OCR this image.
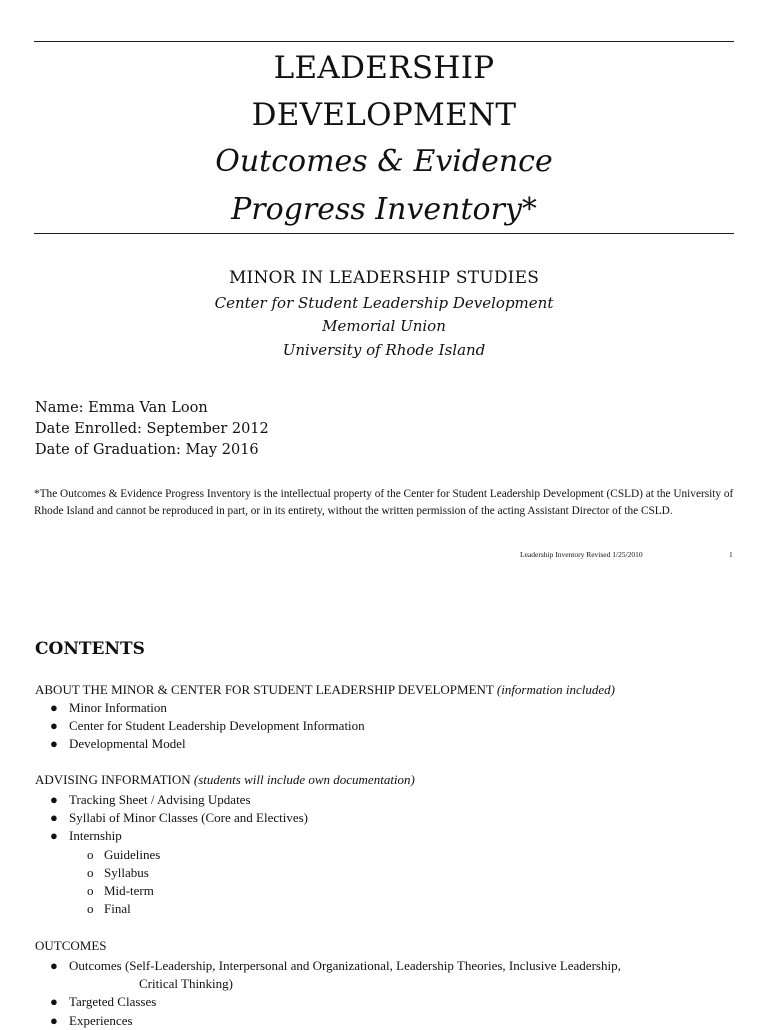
LEADERSHIP
DEVELOPMENT
Outcomes & Evidence
Progress Inventory*
MINOR IN LEADERSHIP STUDIES
Center for Student Leadership Development
Memorial Union
University of Rhode Island
Name: Emma Van Loon
Date Enrolled: September 2012
Date of Graduation: May 2016
*The Outcomes & Evidence Progress Inventory is the intellectual property of the Center for Student Leadership Development (CSLD) at the University of Rhode Island and cannot be reproduced in part, or in its entirety, without the written permission of the acting Assistant Director of the CSLD.
Leadership Inventory Revised 1/25/2010	1
CONTENTS
ABOUT THE MINOR & CENTER FOR STUDENT LEADERSHIP DEVELOPMENT (information included)
● Minor Information
● Center for Student Leadership Development Information
● Developmental Model
ADVISING INFORMATION (students will include own documentation)
● Tracking Sheet / Advising Updates
● Syllabi of Minor Classes (Core and Electives)
● Internship
o Guidelines
o Syllabus
o Mid-term
o Final
OUTCOMES
● Outcomes (Self-Leadership, Interpersonal and Organizational, Leadership Theories, Inclusive Leadership,
Critical Thinking)
● Targeted Classes
● Experiences
